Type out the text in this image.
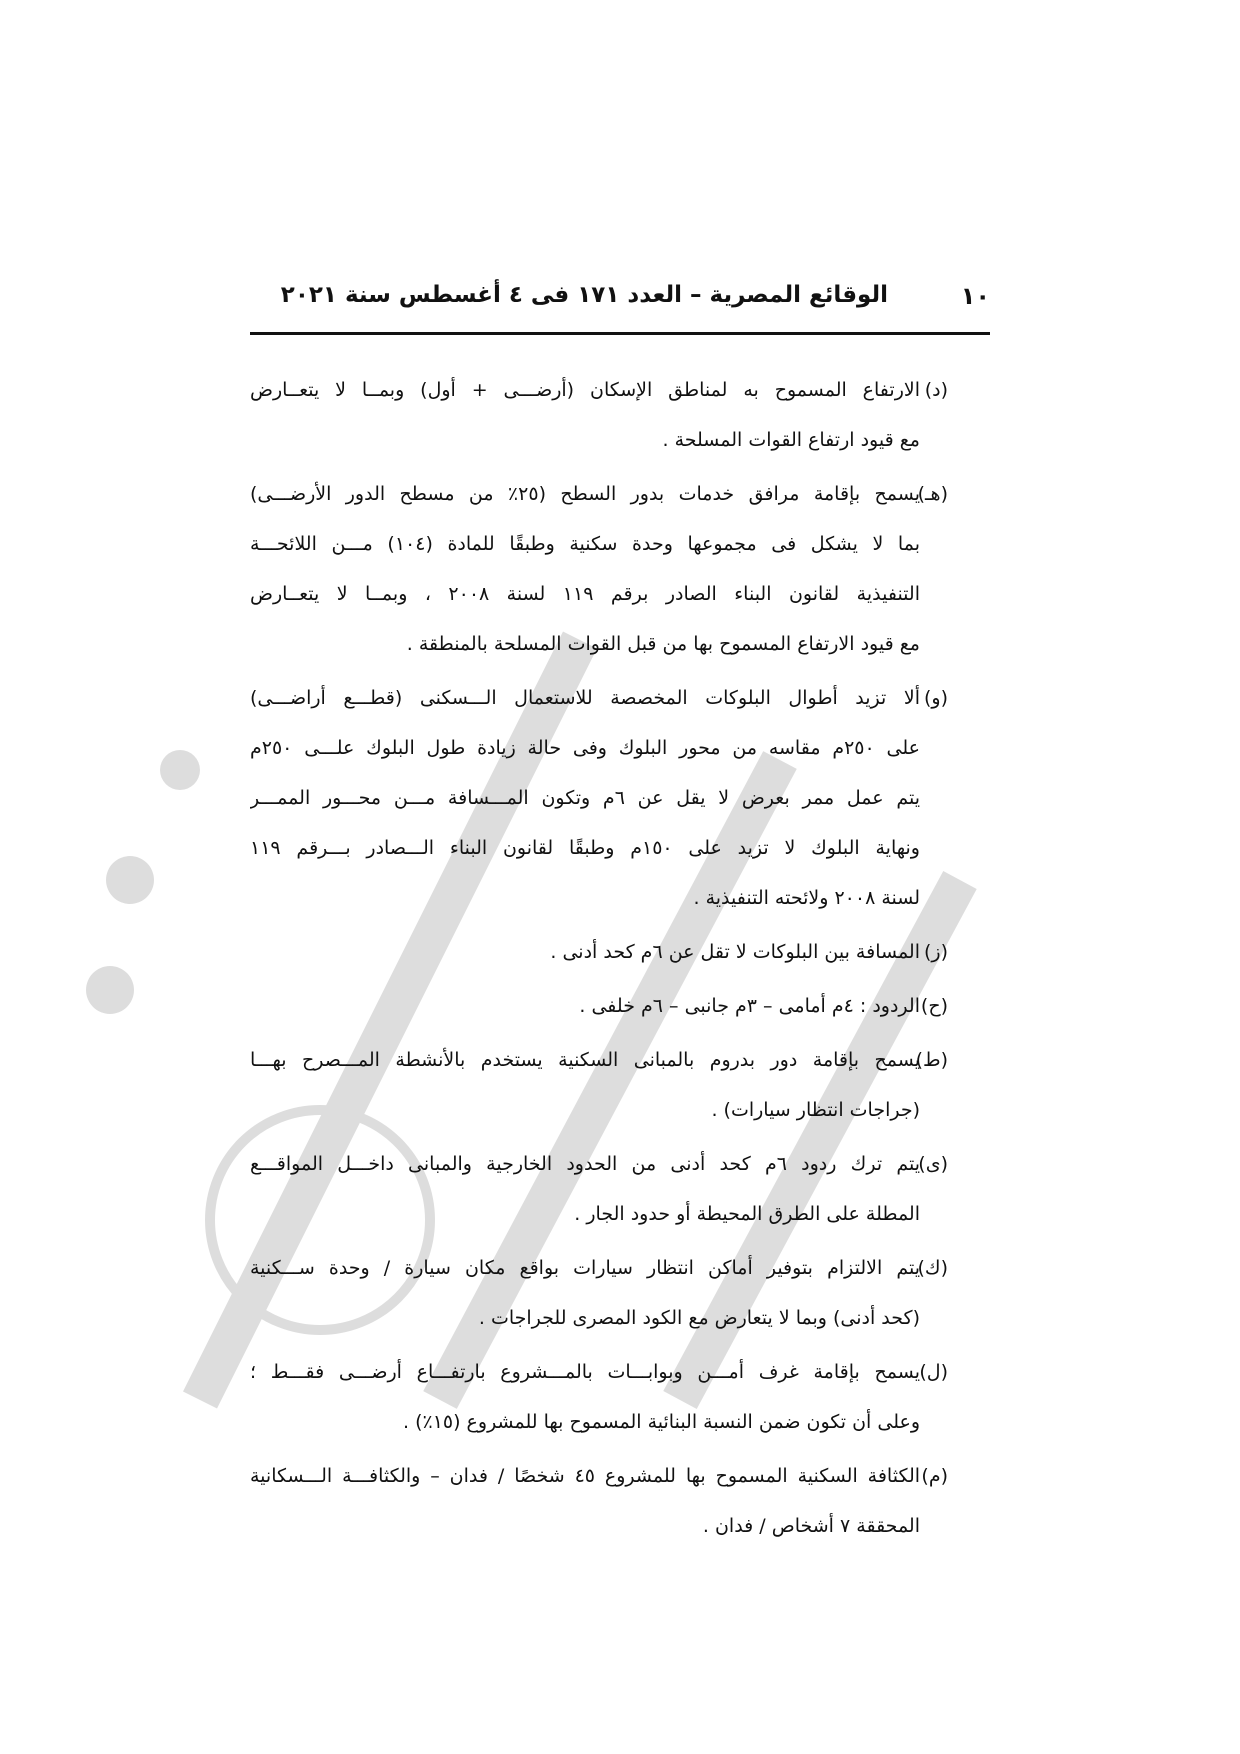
١٠
الوقائع المصرية – العدد ١٧١ فى ٤ أغسطس سنة ٢٠٢١
(د)
الارتفاع المسموح به لمناطق الإسكان (أرضـــى + أول) وبمــا لا يتعــارض
مع قيود ارتفاع القوات المسلحة .
(هـ)
يسمح بإقامة مرافق خدمات بدور السطح (٢٥٪ من مسطح الدور الأرضـــى)
بما لا يشكل فى مجموعها وحدة سكنية وطبقًا للمادة (١٠٤) مـــن اللائحـــة
التنفيذية لقانون البناء الصادر برقم ١١٩ لسنة ٢٠٠٨ ، وبمــا لا يتعــارض
مع قيود الارتفاع المسموح بها من قبل القوات المسلحة بالمنطقة .
(و)
ألا تزيد أطوال البلوكات المخصصة للاستعمال الـــسكنى (قطـــع أراضـــى)
على ٢٥٠م مقاسه من محور البلوك وفى حالة زيادة طول البلوك علـــى ٢٥٠م
يتم عمل ممر بعرض لا يقل عن ٦م وتكون المـــسافة مـــن محـــور الممـــر
ونهاية البلوك لا تزيد على ١٥٠م وطبقًا لقانون البناء الـــصادر بـــرقم ١١٩
لسنة ٢٠٠٨ ولائحته التنفيذية .
(ز)
المسافة بين البلوكات لا تقل عن ٦م كحد أدنى .
(ح)
الردود : ٤م أمامى – ٣م جانبى – ٦م خلفى .
(ط)
يسمح بإقامة دور بدروم بالمبانى السكنية يستخدم بالأنشطة المـــصرح بهـــا
(جراجات انتظار سيارات) .
(ى)
يتم ترك ردود ٦م كحد أدنى من الحدود الخارجية والمبانى داخـــل المواقـــع
المطلة على الطرق المحيطة أو حدود الجار .
(ك)
يتم الالتزام بتوفير أماكن انتظار سيارات بواقع مكان سيارة / وحدة ســـكنية
(كحد أدنى) وبما لا يتعارض مع الكود المصرى للجراجات .
(ل)
يسمح بإقامة غرف أمـــن وبوابـــات بالمـــشروع بارتفـــاع أرضـــى فقـــط ؛
وعلى أن تكون ضمن النسبة البنائية المسموح بها للمشروع (١٥٪) .
(م)
الكثافة السكنية المسموح بها للمشروع ٤٥ شخصًا / فدان – والكثافـــة الـــسكانية
المحققة ٧ أشخاص / فدان .
